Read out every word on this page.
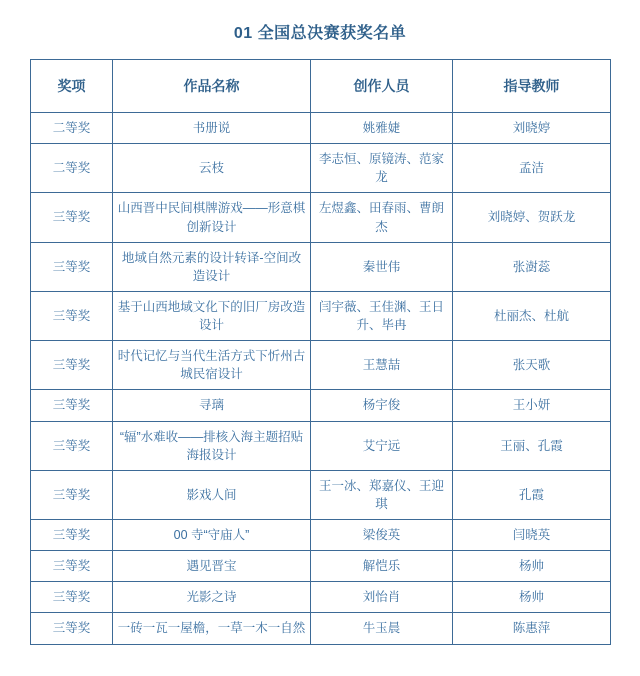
01 全国总决赛获奖名单
奖项	作品名称	创作人员	指导教师
二等奖	书册说	姚雅婕	刘晓婷
二等奖	云枝	李志恒、原镜涛、范家龙	孟洁
三等奖	山西晋中民间棋牌游戏——形意棋创新设计	左煜鑫、田春雨、曹朗杰	刘晓婷、贺跃龙
三等奖	地域自然元素的设计转译-空间改造设计	秦世伟	张澍蕊
三等奖	基于山西地域文化下的旧厂房改造设计	闫宇薇、王佳渊、王日升、毕冉	杜丽杰、杜航
三等奖	时代记忆与当代生活方式下忻州古城民宿设计	王慧喆	张天歌
三等奖	寻璃	杨宇俊	王小妍
三等奖	“辐”水难收——排核入海主题招贴海报设计	艾宁远	王丽、孔霞
三等奖	影戏人间	王一冰、郑嘉仪、王迎琪	孔霞
三等奖	00 寺“守庙人”	梁俊英	闫晓英
三等奖	遇见晋宝	解恺乐	杨帅
三等奖	光影之诗	刘怡肖	杨帅
三等奖	一砖一瓦一屋檐，一草一木一自然	牛玉晨	陈惠萍
